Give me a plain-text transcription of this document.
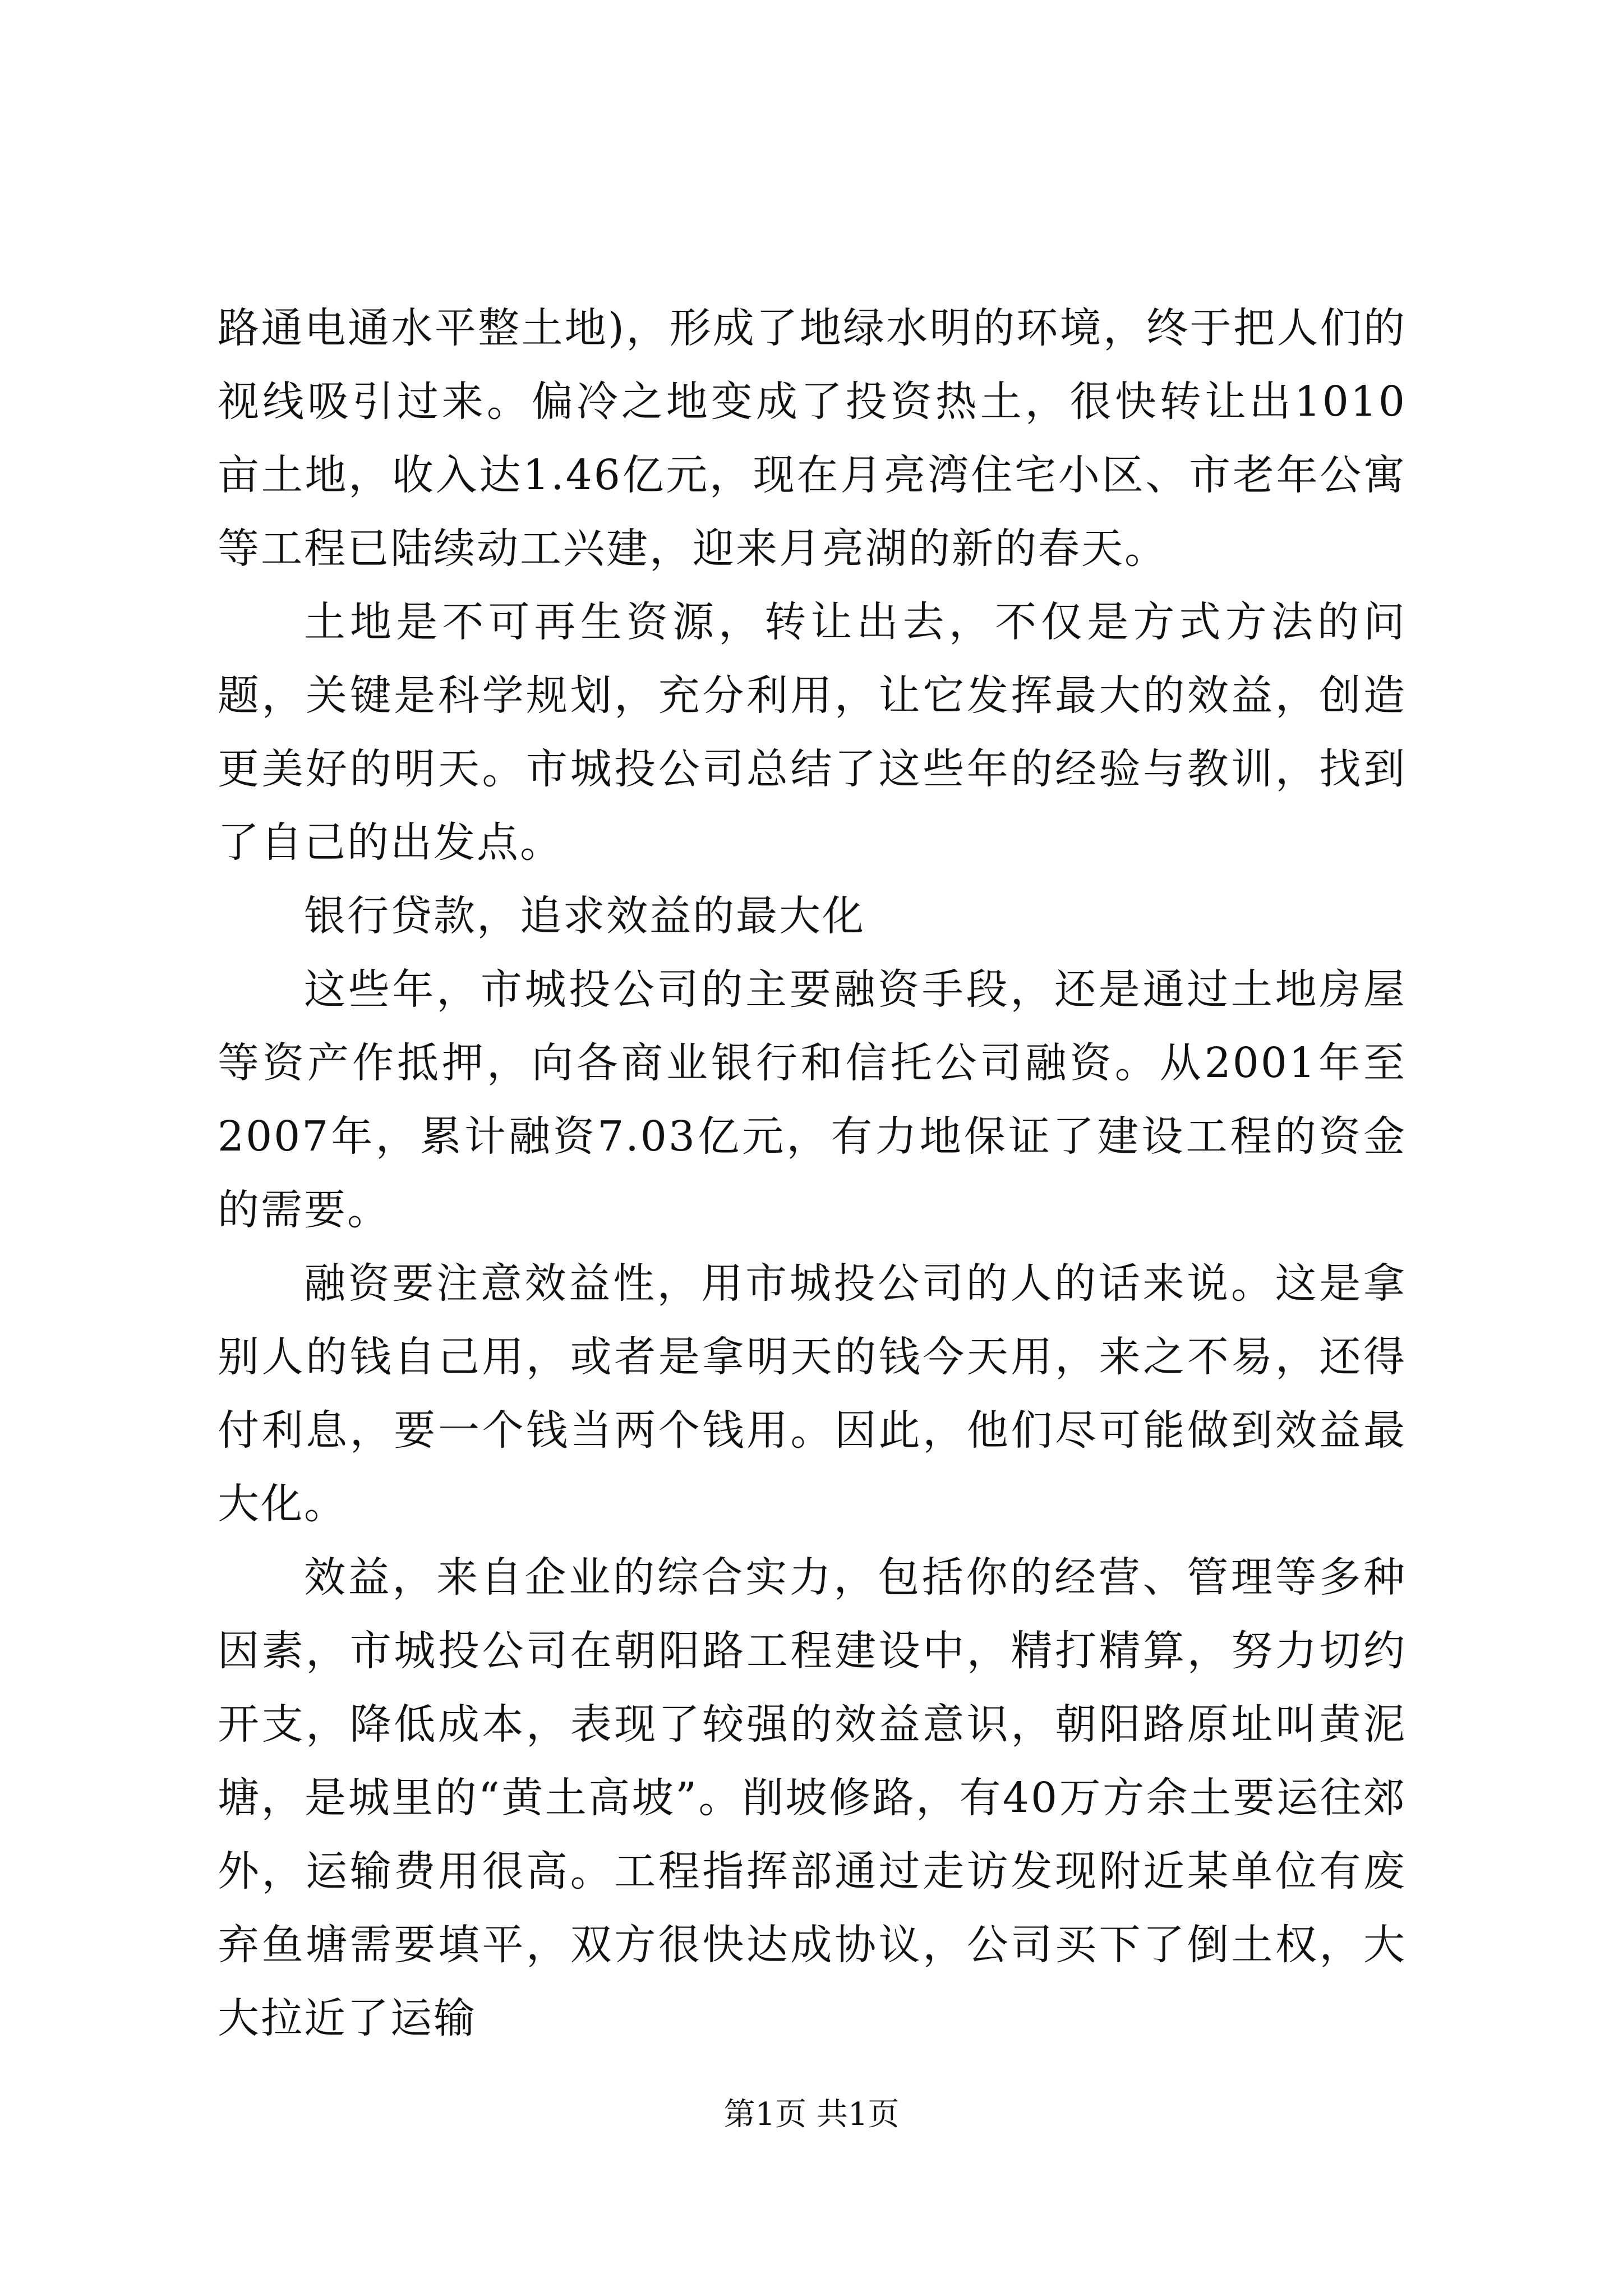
路通电通水平整土地)，形成了地绿水明的环境，终于把人们的视线吸引过来。偏冷之地变成了投资热土，很快转让出1010亩土地，收入达1.46亿元，现在月亮湾住宅小区、市老年公寓等工程已陆续动工兴建，迎来月亮湖的新的春天。

土地是不可再生资源，转让出去，不仅是方式方法的问题，关键是科学规划，充分利用，让它发挥最大的效益，创造更美好的明天。市城投公司总结了这些年的经验与教训，找到了自己的出发点。

银行贷款，追求效益的最大化

这些年，市城投公司的主要融资手段，还是通过土地房屋等资产作抵押，向各商业银行和信托公司融资。从2001年至2007年，累计融资7.03亿元，有力地保证了建设工程的资金的需要。

融资要注意效益性，用市城投公司的人的话来说。这是拿别人的钱自己用，或者是拿明天的钱今天用，来之不易，还得付利息，要一个钱当两个钱用。因此，他们尽可能做到效益最大化。

效益，来自企业的综合实力，包括你的经营、管理等多种因素，市城投公司在朝阳路工程建设中，精打精算，努力切约开支，降低成本，表现了较强的效益意识，朝阳路原址叫黄泥塘，是城里的“黄土高坡”。削坡修路，有40万方余土要运往郊外，运输费用很高。工程指挥部通过走访发现附近某单位有废弃鱼塘需要填平，双方很快达成协议，公司买下了倒土权，大大拉近了运输

第1页 共1页
